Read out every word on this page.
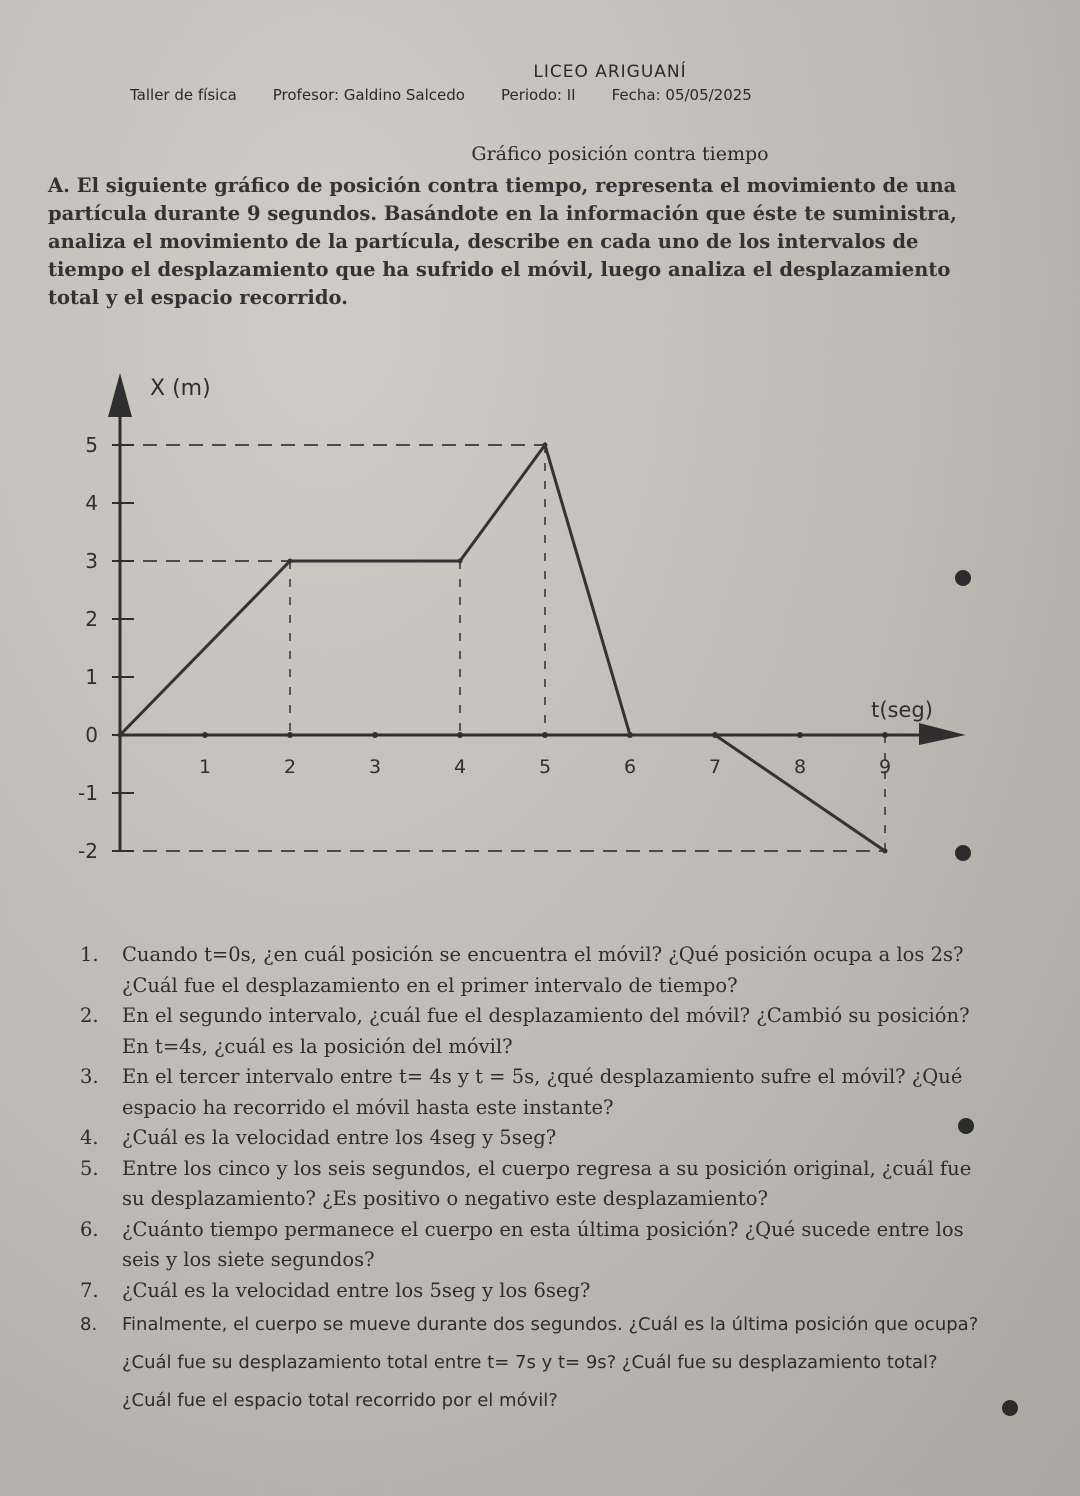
LICEO ARIGUANÍ
Taller de física Profesor: Galdino Salcedo Periodo: II Fecha: 05/05/2025
Gráfico posición contra tiempo
A. El siguiente gráfico de posición contra tiempo, representa el movimiento de una partícula durante 9 segundos. Basándote en la información que éste te suministra, analiza el movimiento de la partícula, describe en cada uno de los intervalos de tiempo el desplazamiento que ha sufrido el móvil, luego analiza el desplazamiento total y el espacio recorrido.
5
4
3
2
1
0
-1
-2
1	2	3	4	5	6	7	8	9
X (m)
t(seg)
1. Cuando t=0s, ¿en cuál posición se encuentra el móvil? ¿Qué posición ocupa a los 2s? ¿Cuál fue el desplazamiento en el primer intervalo de tiempo?
2. En el segundo intervalo, ¿cuál fue el desplazamiento del móvil? ¿Cambió su posición? En t=4s, ¿cuál es la posición del móvil?
3. En el tercer intervalo entre t= 4s y t = 5s, ¿qué desplazamiento sufre el móvil? ¿Qué espacio ha recorrido el móvil hasta este instante?
4. ¿Cuál es la velocidad entre los 4seg y 5seg?
5. Entre los cinco y los seis segundos, el cuerpo regresa a su posición original, ¿cuál fue su desplazamiento? ¿Es positivo o negativo este desplazamiento?
6. ¿Cuánto tiempo permanece el cuerpo en esta última posición? ¿Qué sucede entre los seis y los siete segundos?
7. ¿Cuál es la velocidad entre los 5seg y los 6seg?
8. Finalmente, el cuerpo se mueve durante dos segundos. ¿Cuál es la última posición que ocupa? ¿Cuál fue su desplazamiento total entre t= 7s y t= 9s? ¿Cuál fue su desplazamiento total? ¿Cuál fue el espacio total recorrido por el móvil?
